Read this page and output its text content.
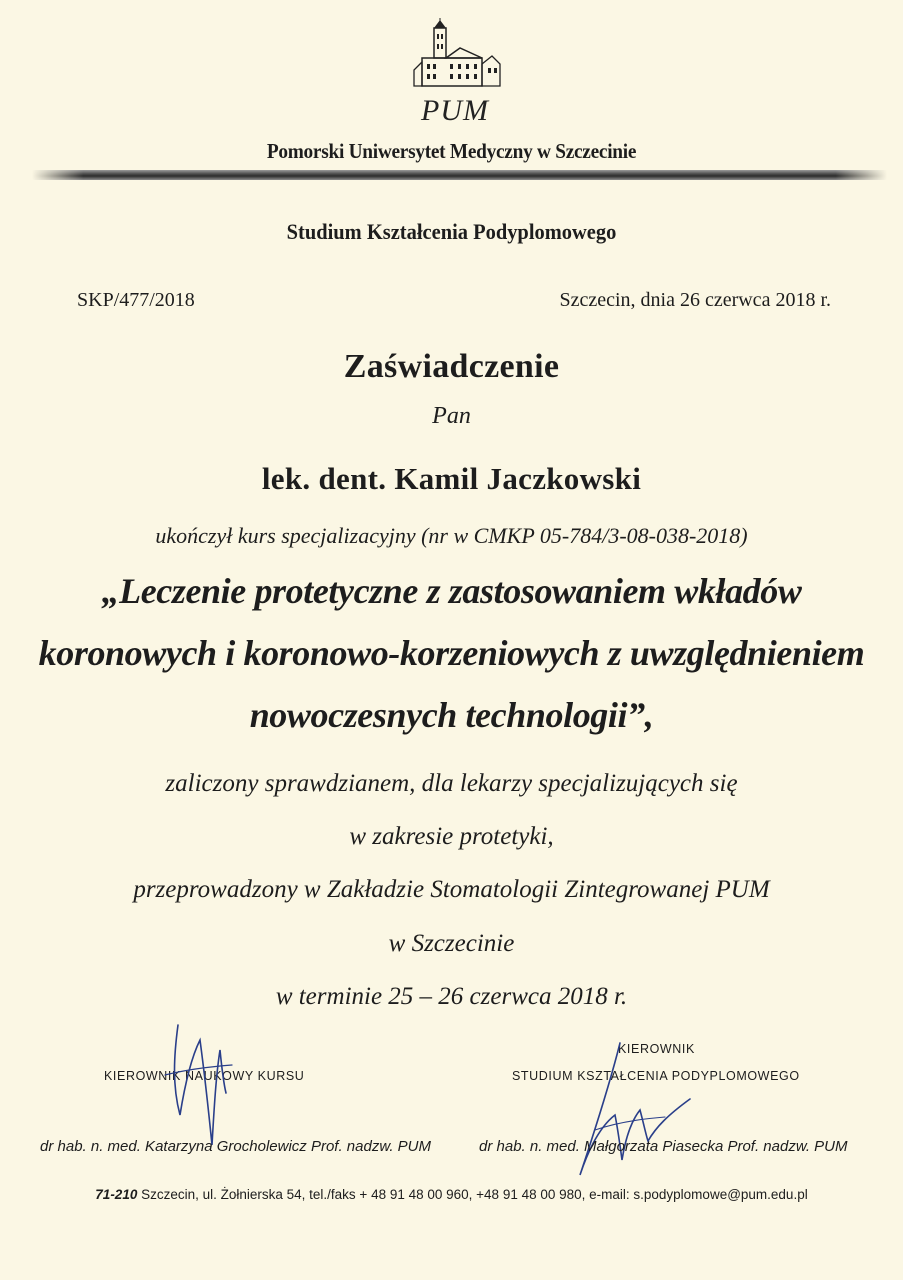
PUM
Pomorski Uniwersytet Medyczny w Szczecinie
Studium Kształcenia Podyplomowego
SKP/477/2018	Szczecin, dnia 26 czerwca 2018 r.
Zaświadczenie
Pan
lek. dent. Kamil Jaczkowski
ukończył kurs specjalizacyjny (nr w CMKP 05-784/3-08-038-2018)
„Leczenie protetyczne z zastosowaniem wkładów
koronowych i koronowo-korzeniowych z uwzględnieniem
nowoczesnych technologii”,
zaliczony sprawdzianem, dla lekarzy specjalizujących się
w zakresie protetyki,
przeprowadzony w Zakładzie Stomatologii Zintegrowanej PUM
w Szczecinie
w terminie 25 – 26 czerwca 2018 r.
KIEROWNIK NAUKOWY KURSU
KIEROWNIK
STUDIUM KSZTAŁCENIA PODYPLOMOWEGO
dr hab. n. med. Katarzyna Grocholewicz Prof. nadzw. PUM	dr hab. n. med. Małgorzata Piasecka Prof. nadzw. PUM
71-210 Szczecin, ul. Żołnierska 54, tel./faks + 48 91 48 00 960, +48 91 48 00 980, e-mail: s.podyplomowe@pum.edu.pl
